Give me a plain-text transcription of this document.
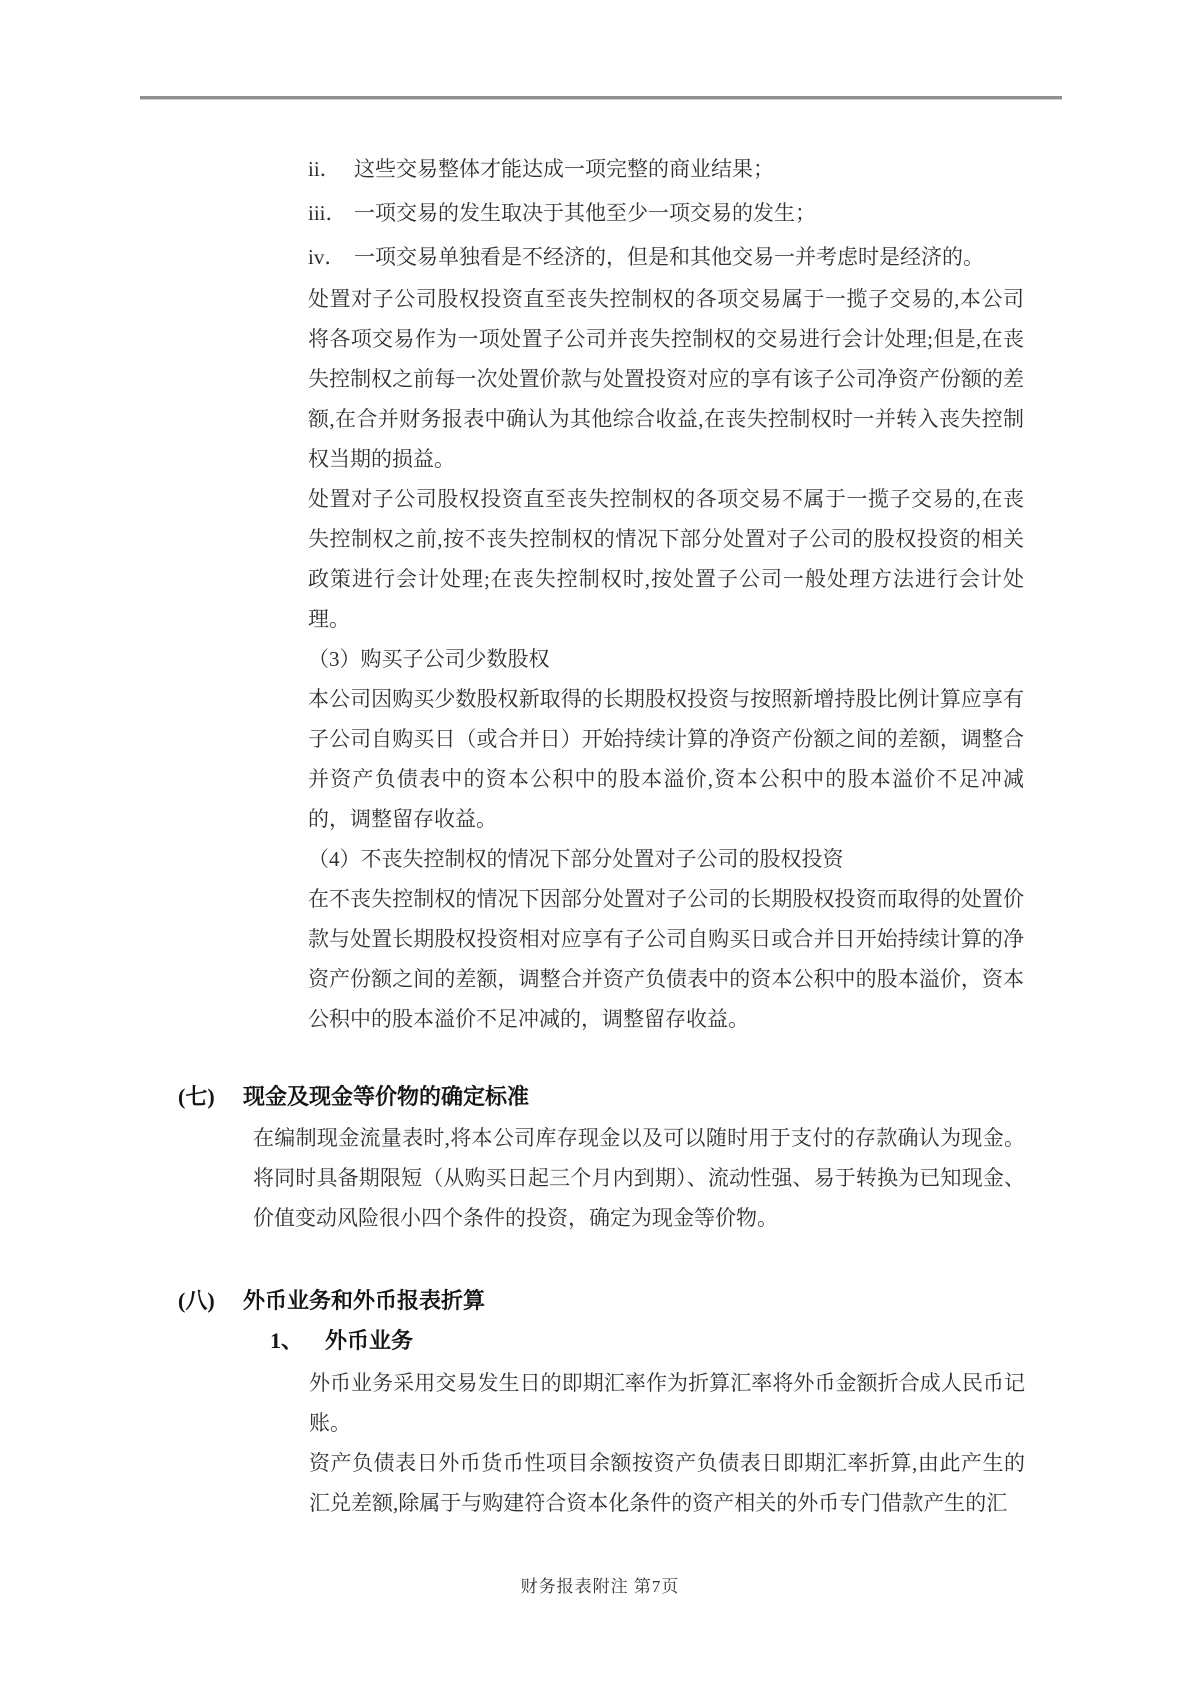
ii． 这些交易整体才能达成一项完整的商业结果；
iii． 一项交易的发生取决于其他至少一项交易的发生；
iv． 一项交易单独看是不经济的，但是和其他交易一并考虑时是经济的。

处置对子公司股权投资直至丧失控制权的各项交易属于一揽子交易的,本公司将各项交易作为一项处置子公司并丧失控制权的交易进行会计处理;但是,在丧失控制权之前每一次处置价款与处置投资对应的享有该子公司净资产份额的差额,在合并财务报表中确认为其他综合收益,在丧失控制权时一并转入丧失控制权当期的损益。

处置对子公司股权投资直至丧失控制权的各项交易不属于一揽子交易的,在丧失控制权之前,按不丧失控制权的情况下部分处置对子公司的股权投资的相关政策进行会计处理;在丧失控制权时,按处置子公司一般处理方法进行会计处理。

（3）购买子公司少数股权

本公司因购买少数股权新取得的长期股权投资与按照新增持股比例计算应享有子公司自购买日（或合并日）开始持续计算的净资产份额之间的差额，调整合并资产负债表中的资本公积中的股本溢价,资本公积中的股本溢价不足冲减的，调整留存收益。

（4）不丧失控制权的情况下部分处置对子公司的股权投资

在不丧失控制权的情况下因部分处置对子公司的长期股权投资而取得的处置价款与处置长期股权投资相对应享有子公司自购买日或合并日开始持续计算的净资产份额之间的差额，调整合并资产负债表中的资本公积中的股本溢价，资本公积中的股本溢价不足冲减的，调整留存收益。

(七)	现金及现金等价物的确定标准
在编制现金流量表时,将本公司库存现金以及可以随时用于支付的存款确认为现金。将同时具备期限短（从购买日起三个月内到期）、流动性强、易于转换为已知现金、价值变动风险很小四个条件的投资，确定为现金等价物。
(八)	外币业务和外币报表折算
1、 外币业务

外币业务采用交易发生日的即期汇率作为折算汇率将外币金额折合成人民币记账。

资产负债表日外币货币性项目余额按资产负债表日即期汇率折算,由此产生的汇兑差额,除属于与购建符合资本化条件的资产相关的外币专门借款产生的汇

财务报表附注 第7页
